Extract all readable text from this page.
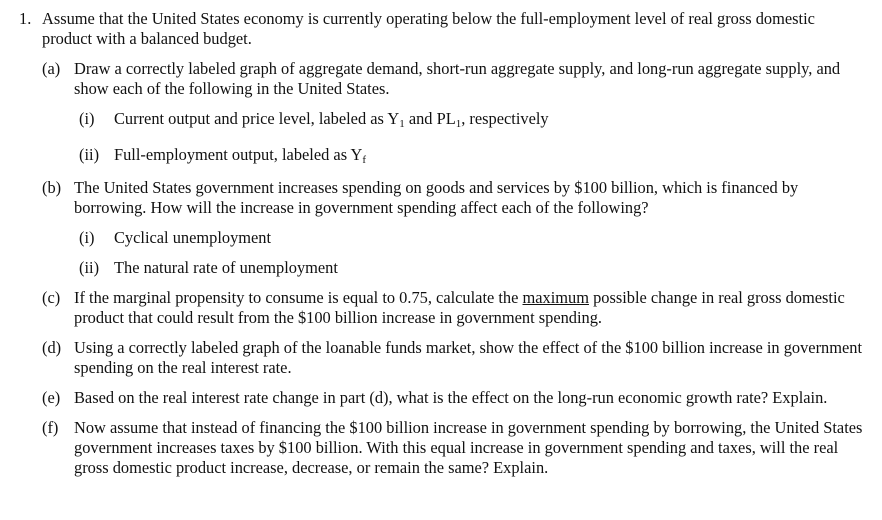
1. Assume that the United States economy is currently operating below the full-employment level of real gross domestic product with a balanced budget.
(a) Draw a correctly labeled graph of aggregate demand, short-run aggregate supply, and long-run aggregate supply, and show each of the following in the United States.
(i) Current output and price level, labeled as $Y_1$ and $PL_1$, respectively
(ii) Full-employment output, labeled as $Y_f$
(b) The United States government increases spending on goods and services by $100 billion, which is financed by borrowing. How will the increase in government spending affect each of the following?
(i) Cyclical unemployment
(ii) The natural rate of unemployment
(c) If the marginal propensity to consume is equal to 0.75, calculate the maximum possible change in real gross domestic product that could result from the $100 billion increase in government spending.
(d) Using a correctly labeled graph of the loanable funds market, show the effect of the $100 billion increase in government spending on the real interest rate.
(e) Based on the real interest rate change in part (d), what is the effect on the long-run economic growth rate? Explain.
(f) Now assume that instead of financing the $100 billion increase in government spending by borrowing, the United States government increases taxes by $100 billion. With this equal increase in government spending and taxes, will the real gross domestic product increase, decrease, or remain the same? Explain.
